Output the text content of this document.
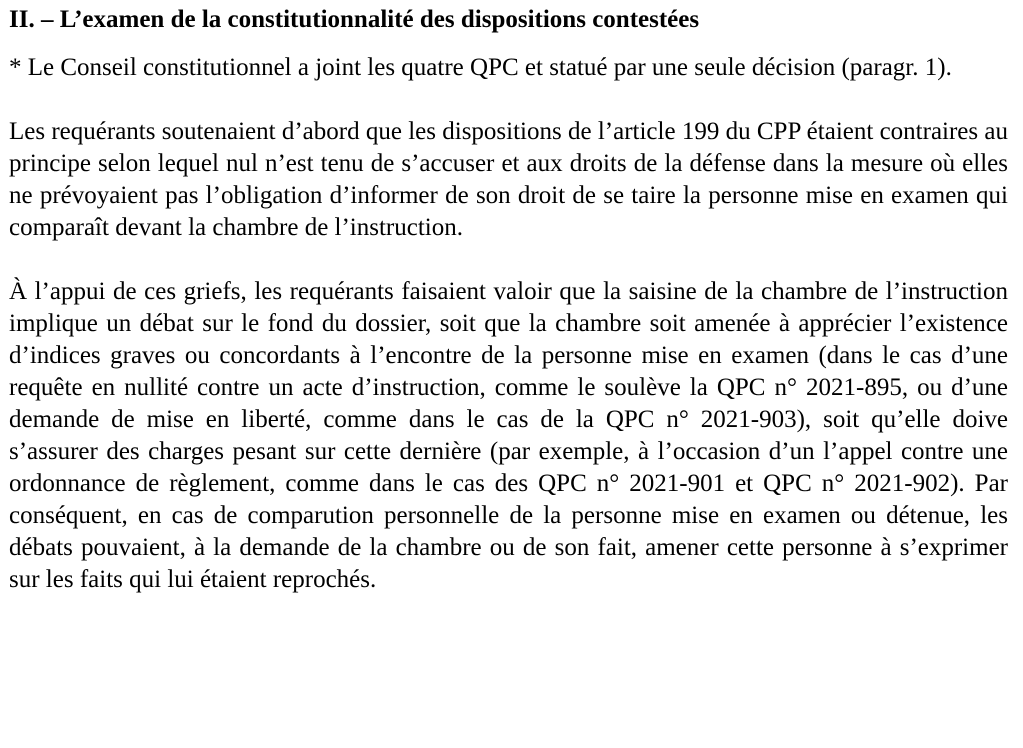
II. – L’examen de la constitutionnalité des dispositions contestées

* Le Conseil constitutionnel a joint les quatre QPC et statué par une seule décision (paragr. 1).

Les requérants soutenaient d’abord que les dispositions de l’article 199 du CPP étaient contraires au principe selon lequel nul n’est tenu de s’accuser et aux droits de la défense dans la mesure où elles ne prévoyaient pas l’obligation d’informer de son droit de se taire la personne mise en examen qui comparaît devant la chambre de l’instruction.

À l’appui de ces griefs, les requérants faisaient valoir que la saisine de la chambre de l’instruction implique un débat sur le fond du dossier, soit que la chambre soit amenée à apprécier l’existence d’indices graves ou concordants à l’encontre de la personne mise en examen (dans le cas d’une requête en nullité contre un acte d’instruction, comme le soulève la QPC n° 2021-895, ou d’une demande de mise en liberté, comme dans le cas de la QPC n° 2021-903), soit qu’elle doive s’assurer des charges pesant sur cette dernière (par exemple, à l’occasion d’un l’appel contre une ordonnance de règlement, comme dans le cas des QPC n° 2021-901 et QPC n° 2021-902). Par conséquent, en cas de comparution personnelle de la personne mise en examen ou détenue, les débats pouvaient, à la demande de la chambre ou de son fait, amener cette personne à s’exprimer sur les faits qui lui étaient reprochés.
